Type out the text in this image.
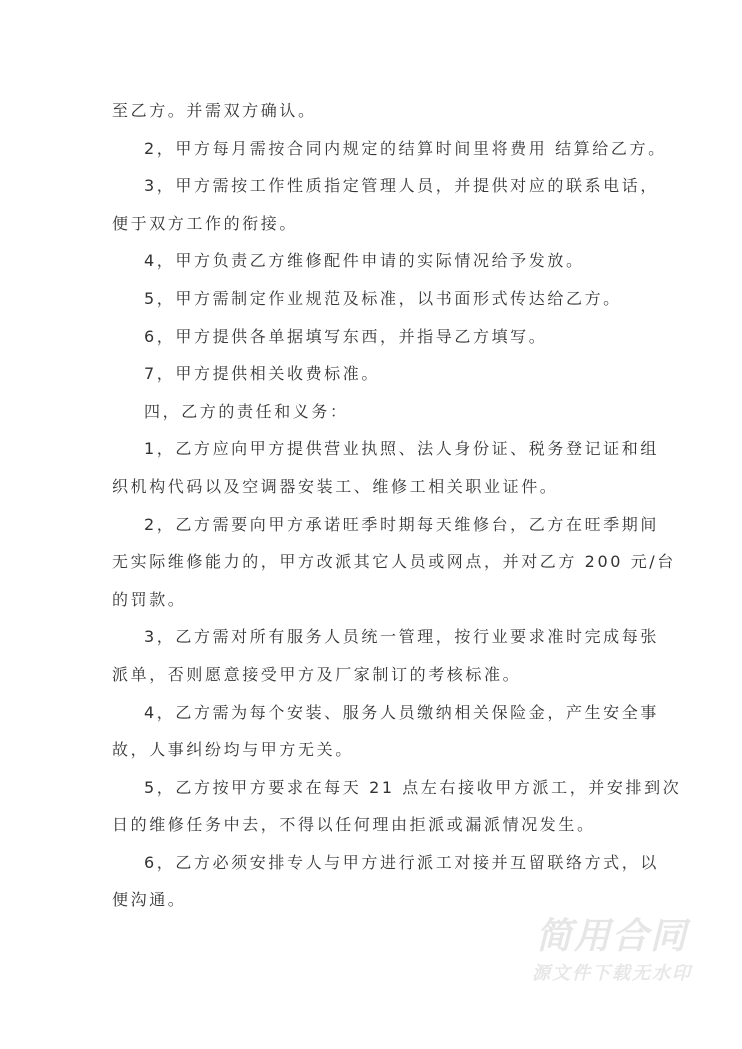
至乙方。并需双方确认。
2，甲方每月需按合同内规定的结算时间里将费用 结算给乙方。
3，甲方需按工作性质指定管理人员，并提供对应的联系电话，
便于双方工作的衔接。
4，甲方负责乙方维修配件申请的实际情况给予发放。
5，甲方需制定作业规范及标准，以书面形式传达给乙方。
6，甲方提供各单据填写东西，并指导乙方填写。
7，甲方提供相关收费标准。
四，乙方的责任和义务：
1，乙方应向甲方提供营业执照、法人身份证、税务登记证和组
织机构代码以及空调器安装工、维修工相关职业证件。
2，乙方需要向甲方承诺旺季时期每天维修台，乙方在旺季期间
无实际维修能力的，甲方改派其它人员或网点，并对乙方 200 元/台
的罚款。
3，乙方需对所有服务人员统一管理，按行业要求准时完成每张
派单，否则愿意接受甲方及厂家制订的考核标准。
4，乙方需为每个安装、服务人员缴纳相关保险金，产生安全事
故，人事纠纷均与甲方无关。
5，乙方按甲方要求在每天 21 点左右接收甲方派工，并安排到次
日的维修任务中去，不得以任何理由拒派或漏派情况发生。
6，乙方必须安排专人与甲方进行派工对接并互留联络方式，以
便沟通。
简用合同
源文件下载无水印
